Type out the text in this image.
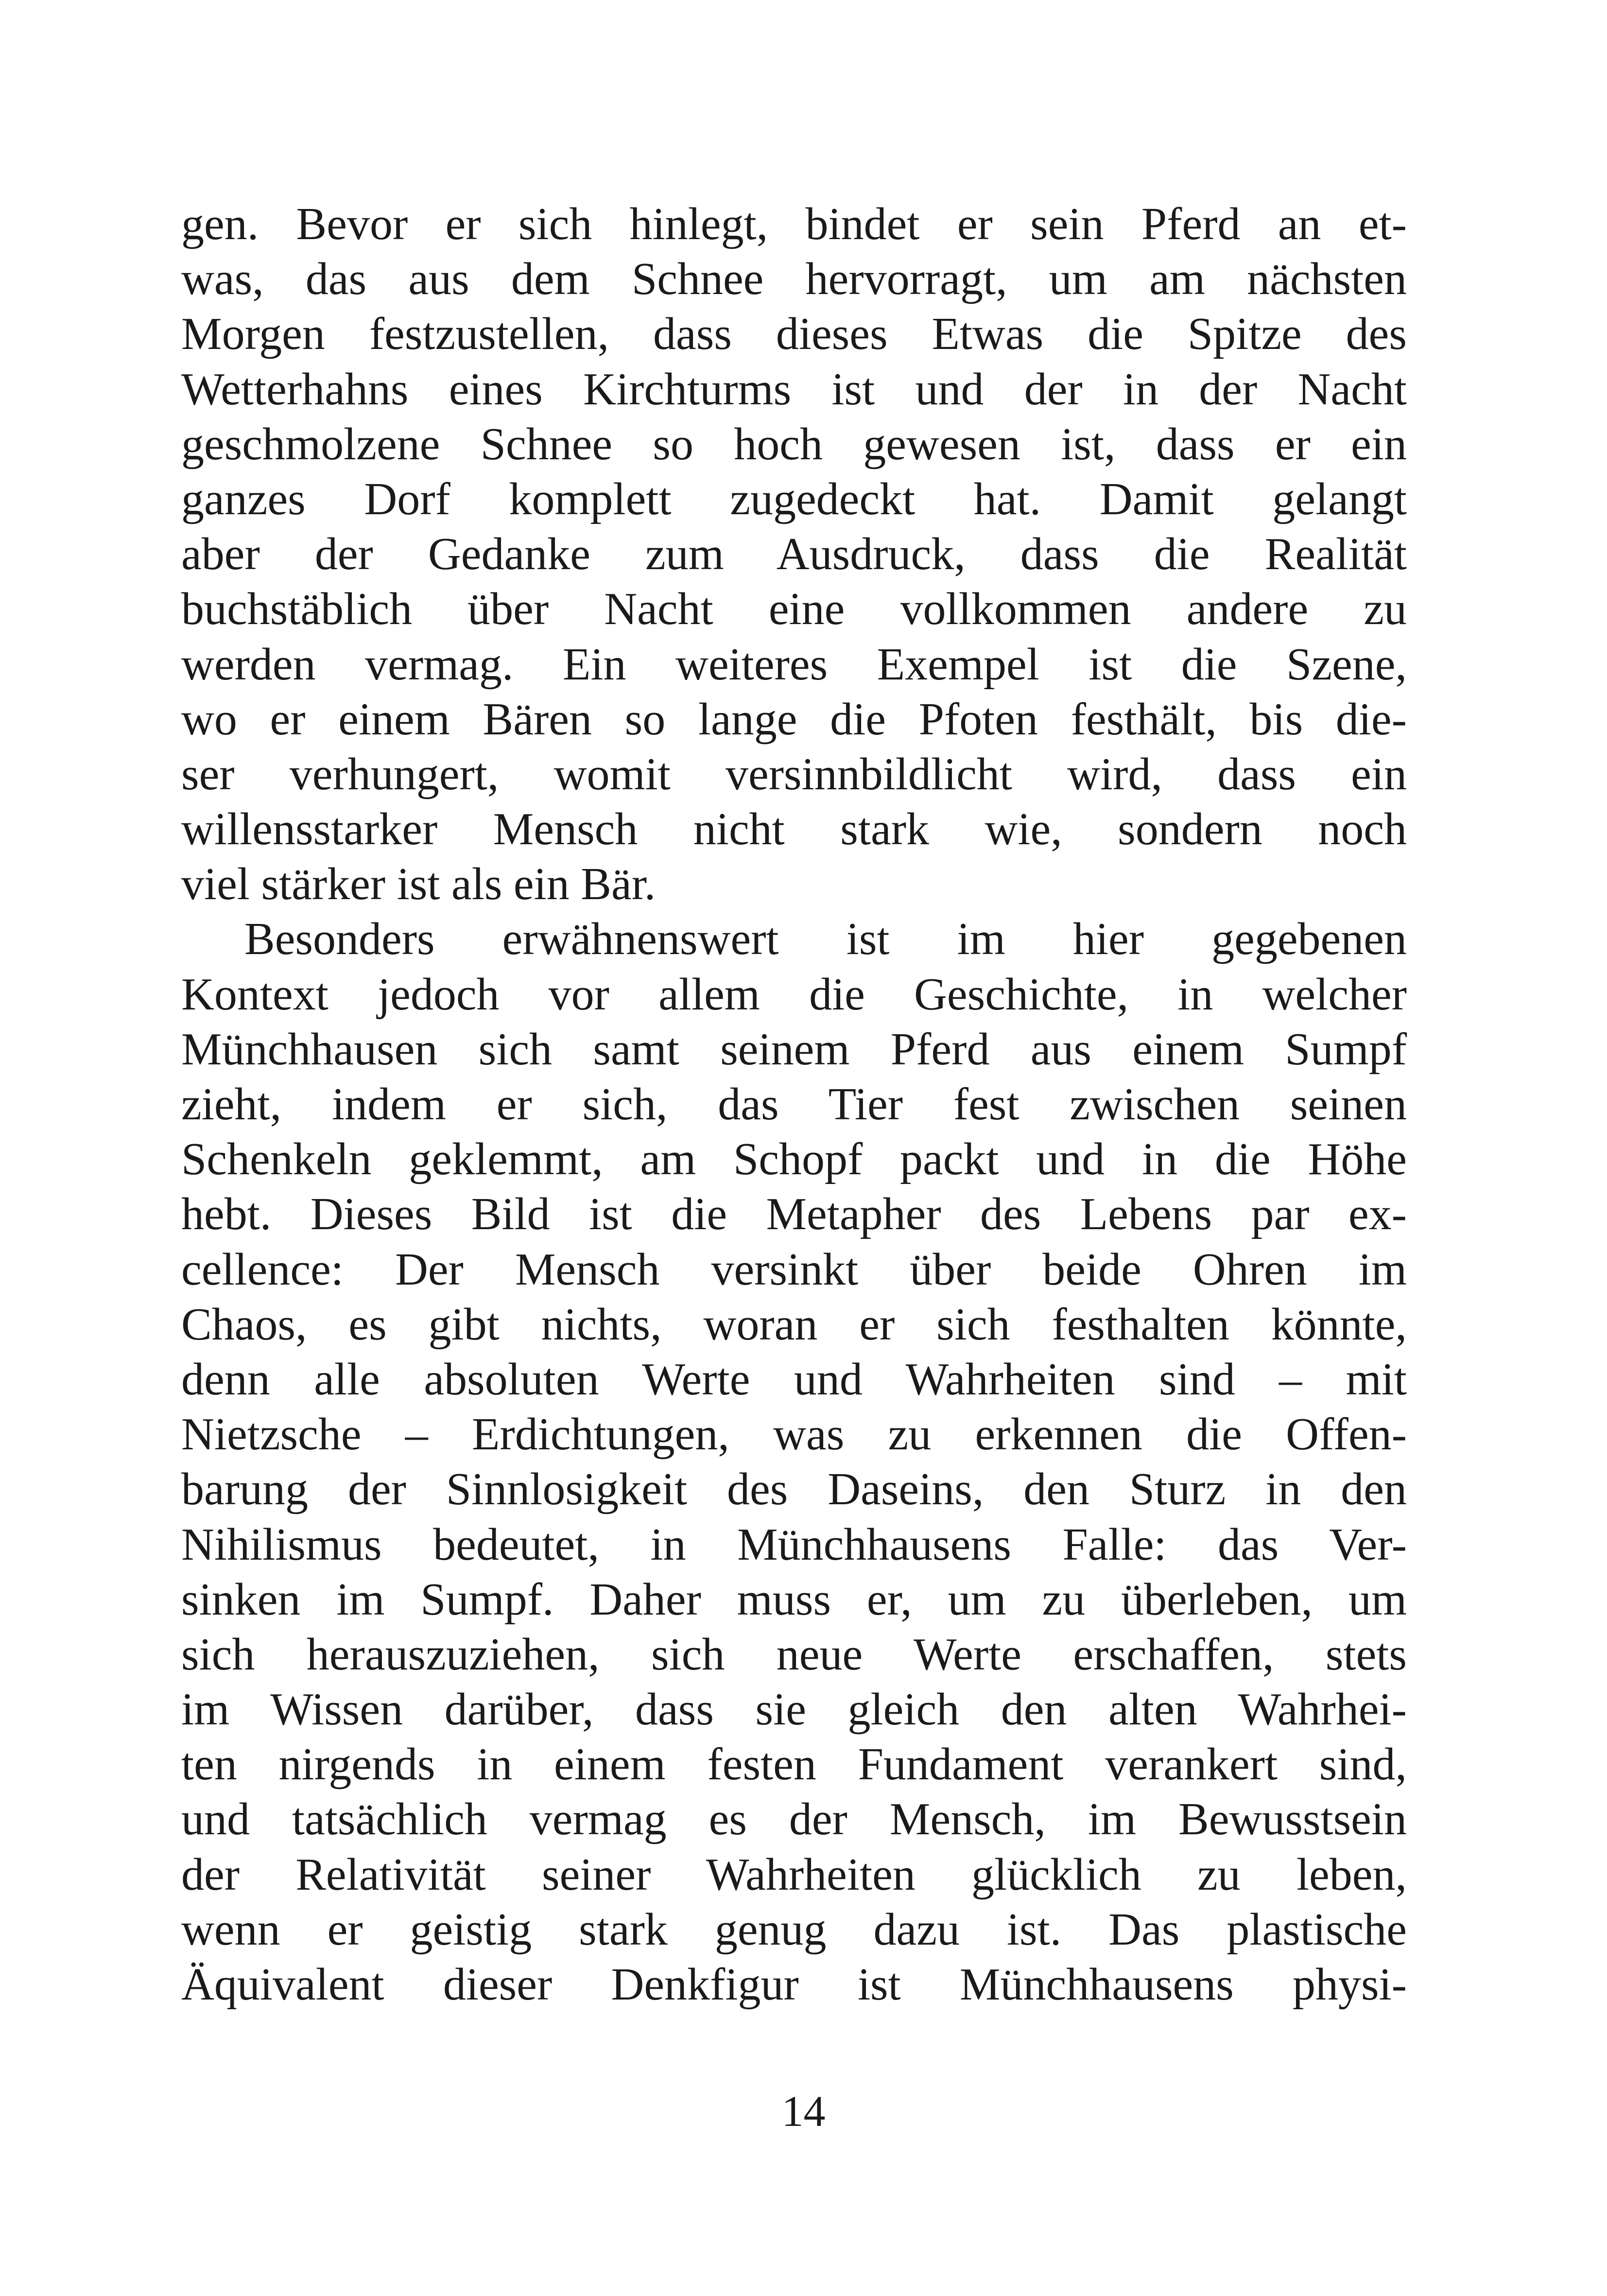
gen. Bevor er sich hinlegt, bindet er sein Pferd an et-
was, das aus dem Schnee hervorragt, um am nächsten
Morgen festzustellen, dass dieses Etwas die Spitze des
Wetterhahns eines Kirchturms ist und der in der Nacht
geschmolzene Schnee so hoch gewesen ist, dass er ein
ganzes Dorf komplett zugedeckt hat. Damit gelangt
aber der Gedanke zum Ausdruck, dass die Realität
buchstäblich über Nacht eine vollkommen andere zu
werden vermag. Ein weiteres Exempel ist die Szene,
wo er einem Bären so lange die Pfoten festhält, bis die-
ser verhungert, womit versinnbildlicht wird, dass ein
willensstarker Mensch nicht stark wie, sondern noch
viel stärker ist als ein Bär.
Besonders erwähnenswert ist im hier gegebenen
Kontext jedoch vor allem die Geschichte, in welcher
Münchhausen sich samt seinem Pferd aus einem Sumpf
zieht, indem er sich, das Tier fest zwischen seinen
Schenkeln geklemmt, am Schopf packt und in die Höhe
hebt. Dieses Bild ist die Metapher des Lebens par ex-
cellence: Der Mensch versinkt über beide Ohren im
Chaos, es gibt nichts, woran er sich festhalten könnte,
denn alle absoluten Werte und Wahrheiten sind – mit
Nietzsche – Erdichtungen, was zu erkennen die Offen-
barung der Sinnlosigkeit des Daseins, den Sturz in den
Nihilismus bedeutet, in Münchhausens Falle: das Ver-
sinken im Sumpf. Daher muss er, um zu überleben, um
sich herauszuziehen, sich neue Werte erschaffen, stets
im Wissen darüber, dass sie gleich den alten Wahrhei-
ten nirgends in einem festen Fundament verankert sind,
und tatsächlich vermag es der Mensch, im Bewusstsein
der Relativität seiner Wahrheiten glücklich zu leben,
wenn er geistig stark genug dazu ist. Das plastische
Äquivalent dieser Denkfigur ist Münchhausens physi-
14
